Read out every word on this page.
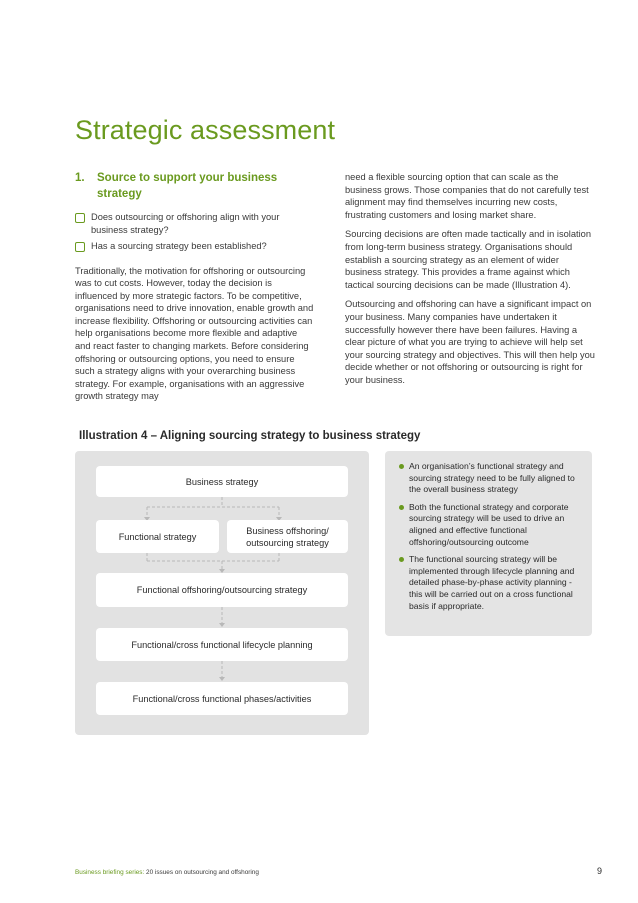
Strategic assessment
1.	Source to support your business strategy
Does outsourcing or offshoring align with your business strategy?
Has a sourcing strategy been established?

Traditionally, the motivation for offshoring or outsourcing was to cut costs. However, today the decision is influenced by more strategic factors. To be competitive, organisations need to drive innovation, enable growth and increase flexibility. Offshoring or outsourcing activities can help organisations become more flexible and adaptive and react faster to changing markets. Before considering offshoring or outsourcing options, you need to ensure such a strategy aligns with your overarching business strategy. For example, organisations with an aggressive growth strategy may

need a flexible sourcing option that can scale as the business grows. Those companies that do not carefully test alignment may find themselves incurring new costs, frustrating customers and losing market share.

Sourcing decisions are often made tactically and in isolation from long-term business strategy. Organisations should establish a sourcing strategy as an element of wider business strategy. This provides a frame against which tactical sourcing decisions can be made (Illustration 4).

Outsourcing and offshoring can have a significant impact on your business. Many companies have undertaken it successfully however there have been failures. Having a clear picture of what you are trying to achieve will help set your sourcing strategy and objectives. This will then help you decide whether or not offshoring or outsourcing is right for your business.

Illustration 4 – Aligning sourcing strategy to business strategy
Business strategy
Functional strategy
Business offshoring/ outsourcing strategy
Functional offshoring/outsourcing strategy
Functional/cross functional lifecycle planning
Functional/cross functional phases/activities
An organisation’s functional strategy and sourcing strategy need to be fully aligned to the overall business strategy
Both the functional strategy and corporate sourcing strategy will be used to drive an aligned and effective functional offshoring/outsourcing outcome
The functional sourcing strategy will be implemented through lifecycle planning and detailed phase-by-phase activity planning - this will be carried out on a cross functional basis if appropriate.
Business briefing series: 20 issues on outsourcing and offshoring	9
